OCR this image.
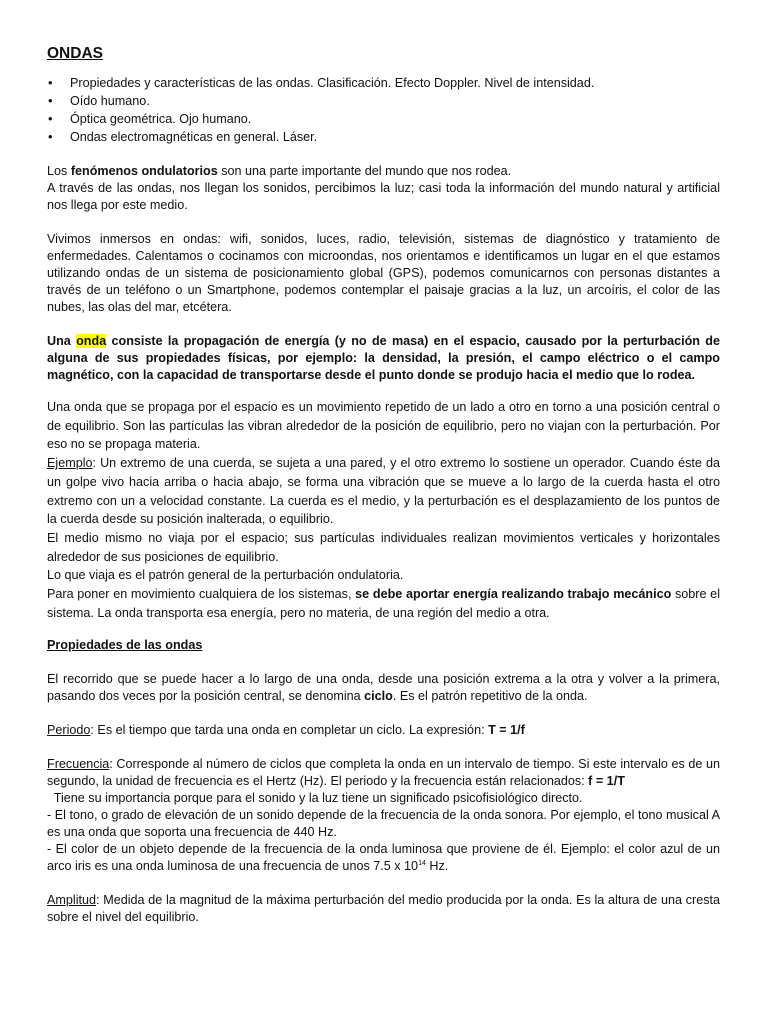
ONDAS
• Propiedades y características de las ondas. Clasificación. Efecto Doppler. Nivel de intensidad.
• Oído humano.
• Óptica geométrica. Ojo humano.
• Ondas electromagnéticas en general. Láser.

Los fenómenos ondulatorios son una parte importante del mundo que nos rodea.

A través de las ondas, nos llegan los sonidos, percibimos la luz; casi toda la información del mundo natural y artificial nos llega por este medio.

Vivimos inmersos en ondas: wifi, sonidos, luces, radio, televisión, sistemas de diagnóstico y tratamiento de enfermedades. Calentamos o cocinamos con microondas, nos orientamos e identificamos un lugar en el que estamos utilizando ondas de un sistema de posicionamiento global (GPS), podemos comunicarnos con personas distantes a través de un teléfono o un Smartphone, podemos contemplar el paisaje gracias a la luz, un arcoíris, el color de las nubes, las olas del mar, etcétera.

Una onda consiste la propagación de energía (y no de masa) en el espacio, causado por la perturbación de alguna de sus propiedades físicas, por ejemplo: la densidad, la presión, el campo eléctrico o el campo magnético, con la capacidad de transportarse desde el punto donde se produjo hacia el medio que lo rodea.

Una onda que se propaga por el espacio es un movimiento repetido de un lado a otro en torno a una posición central o de equilibrio. Son las partículas las vibran alrededor de la posición de equilibrio, pero no viajan con la perturbación. Por eso no se propaga materia.

Ejemplo: Un extremo de una cuerda, se sujeta a una pared, y el otro extremo lo sostiene un operador. Cuando éste da un golpe vivo hacia arriba o hacia abajo, se forma una vibración que se mueve a lo largo de la cuerda hasta el otro extremo con un a velocidad constante. La cuerda es el medio, y la perturbación es el desplazamiento de los puntos de la cuerda desde su posición inalterada, o equilibrio.

El medio mismo no viaja por el espacio; sus partículas individuales realizan movimientos verticales y horizontales alrededor de sus posiciones de equilibrio.

Lo que viaja es el patrón general de la perturbación ondulatoria.

Para poner en movimiento cualquiera de los sistemas, se debe aportar energía realizando trabajo mecánico sobre el sistema. La onda transporta esa energía, pero no materia, de una región del medio a otra.

Propiedades de las ondas

El recorrido que se puede hacer a lo largo de una onda, desde una posición extrema a la otra y volver a la primera, pasando dos veces por la posición central, se denomina ciclo. Es el patrón repetitivo de la onda.

Periodo: Es el tiempo que tarda una onda en completar un ciclo. La expresión: T = 1/f

Frecuencia: Corresponde al número de ciclos que completa la onda en un intervalo de tiempo. Si este intervalo es de un segundo, la unidad de frecuencia es el Hertz (Hz). El periodo y la frecuencia están relacionados: f = 1/T

Tiene su importancia porque para el sonido y la luz tiene un significado psicofisiológico directo.

- El tono, o grado de elevación de un sonido depende de la frecuencia de la onda sonora. Por ejemplo, el tono musical A es una onda que soporta una frecuencia de 440 Hz.

- El color de un objeto depende de la frecuencia de la onda luminosa que proviene de él. Ejemplo: el color azul de un arco iris es una onda luminosa de una frecuencia de unos 7.5 x $10^{14}$ Hz.

Amplitud: Medida de la magnitud de la máxima perturbación del medio producida por la onda. Es la altura de una cresta sobre el nivel del equilibrio.
